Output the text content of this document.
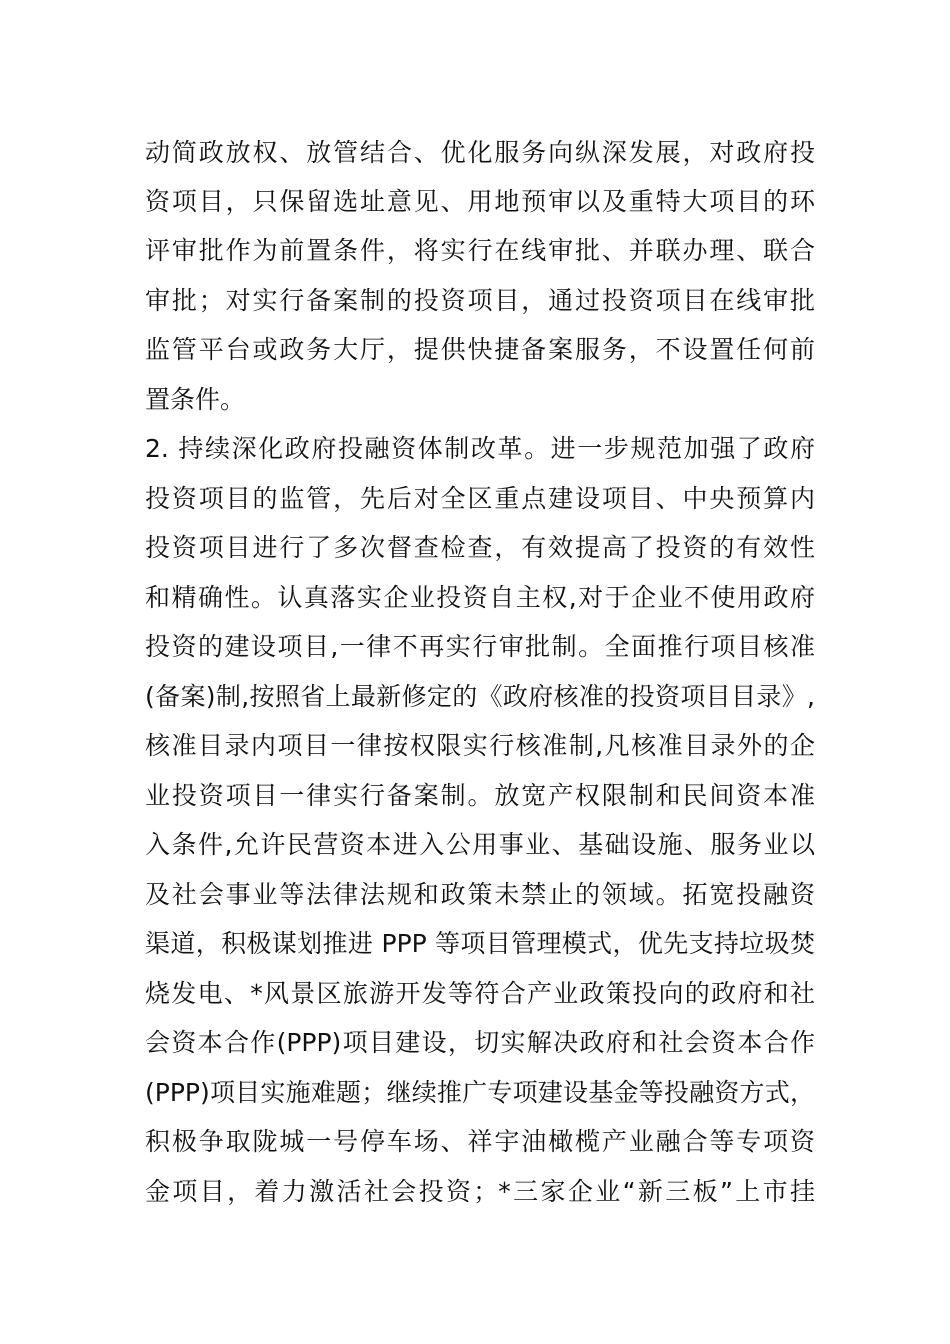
动简政放权、放管结合、优化服务向纵深发展，对政府投
资项目，只保留选址意见、用地预审以及重特大项目的环
评审批作为前置条件，将实行在线审批、并联办理、联合
审批；对实行备案制的投资项目，通过投资项目在线审批
监管平台或政务大厅，提供快捷备案服务，不设置任何前
置条件。
2. 持续深化政府投融资体制改革。进一步规范加强了政府
投资项目的监管，先后对全区重点建设项目、中央预算内
投资项目进行了多次督查检查，有效提高了投资的有效性
和精确性。认真落实企业投资自主权,对于企业不使用政府
投资的建设项目,一律不再实行审批制。全面推行项目核准
(备案)制,按照省上最新修定的《政府核准的投资项目目录》,
核准目录内项目一律按权限实行核准制,凡核准目录外的企
业投资项目一律实行备案制。放宽产权限制和民间资本准
入条件,允许民营资本进入公用事业、基础设施、服务业以
及社会事业等法律法规和政策未禁止的领域。拓宽投融资
渠道，积极谋划推进 PPP 等项目管理模式，优先支持垃圾焚
烧发电、*风景区旅游开发等符合产业政策投向的政府和社
会资本合作(PPP)项目建设，切实解决政府和社会资本合作
(PPP)项目实施难题；继续推广专项建设基金等投融资方式，
积极争取陇城一号停车场、祥宇油橄榄产业融合等专项资
金项目，着力激活社会投资；*三家企业“新三板”上市挂
